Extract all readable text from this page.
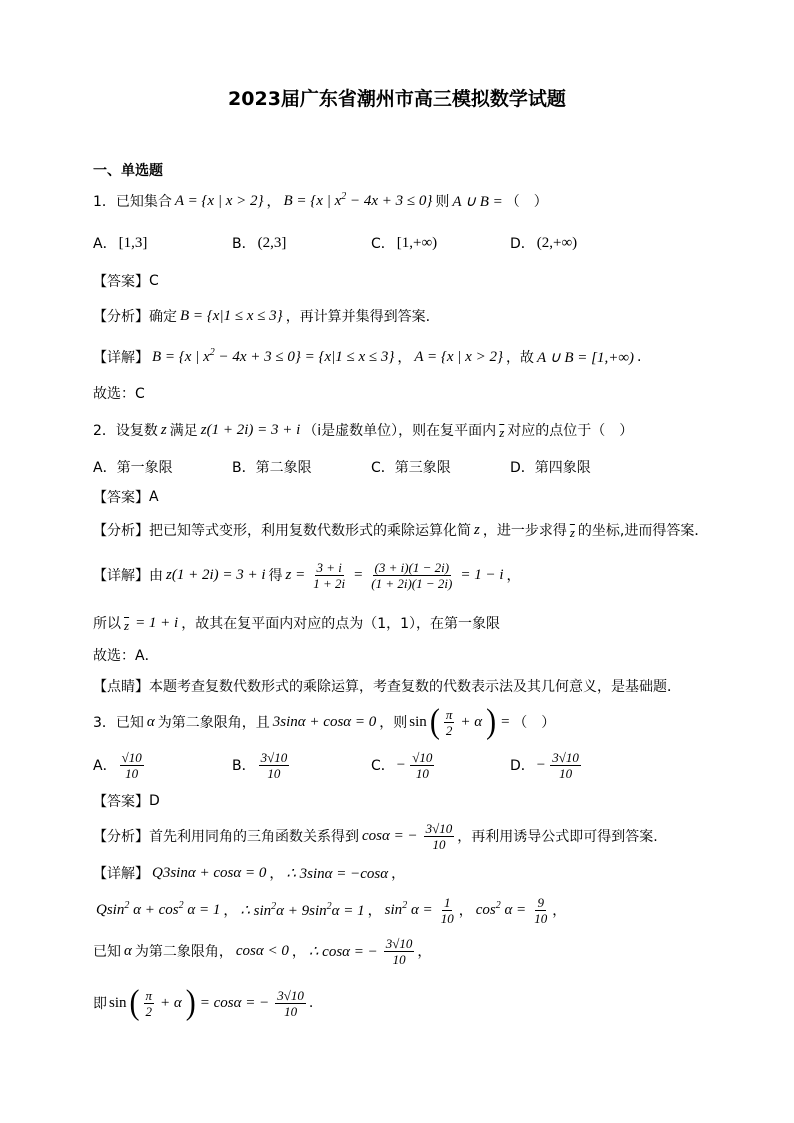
2023届广东省潮州市高三模拟数学试题
一、单选题
1．已知集合 A = {x | x > 2} ， B = {x | $x^2 - 4x + 3 \le 0$} 则 A ∪ B = （　）
A． [1,3]	B． (2,3]	C． [1,+∞)	D． (2,+∞)
【答案】 C
【分析】 确定 B = {x|1 ≤ x ≤ 3} ，再计算并集得到答案.
【详解】 B = {x | $x^2 - 4x + 3 \le 0\} = \{x|1 \le x \le 3\}$ ， A = {x | x > 2} ，故 A ∪ B = [1,+∞) .
故选：C
2．设复数 z 满足 z(1 + 2i) = 3 + i （i是虚数单位），则在复平面内 $\overline{z}$ 对应的点位于（　）
A． 第一象限	B． 第二象限	C． 第三象限	D． 第四象限
【答案】 A
【分析】 把已知等式变形，利用复数代数形式的乘除运算化简 z ，进一步求得 $\overline{z}$ 的坐标,进而得答案．
【详解】 由 z(1 + 2i) = 3 + i 得 $z = \frac{3 + i}{1 + 2i} = \frac{(3 + i)(1 - 2i)}{(1 + 2i)(1 - 2i)} = 1 - i$ ，
所以 $\overline{z} = 1 + i$ ，故其在复平面内对应的点为（1，1），在第一象限
故选：A．
【点睛】 本题考查复数代数形式的乘除运算，考查复数的代数表示法及其几何意义，是基础题．
3．已知 α 为第二象限角，且 3sinα + cosα = 0 ，则 sin ( $\frac{\pi}{2} + \alpha$ ) = （　）
A． $\frac{√10}{10}$	B． $\frac{3√10}{10}$	C． − $\frac{√10}{10}$	D． − $\frac{3√10}{10}$
【答案】 D
【分析】 首先利用同角的三角函数关系得到 cosα = − $\frac{3√10}{10}$ ，再利用诱导公式即可得到答案.
【详解】 Q3sinα + cosα = 0 ， ∴ 3sinα = −cosα ，
Qsin$^2$ $\alpha + \cos^2 \alpha = 1$ ， ∴ $\sin^2\alpha + 9\sin^2\alpha = 1$ ， $\sin^2 \alpha = \frac{1}{10}$ ， $\cos^2 \alpha = \frac{9}{10}$ ，
已知 α 为第二象限角， cosα < 0 ， ∴ cosα = − $\frac{3√10}{10}$ ，
即 sin ( $\frac{\pi}{2} + \alpha$ ) = cosα = − $\frac{3√10}{10}$ .
